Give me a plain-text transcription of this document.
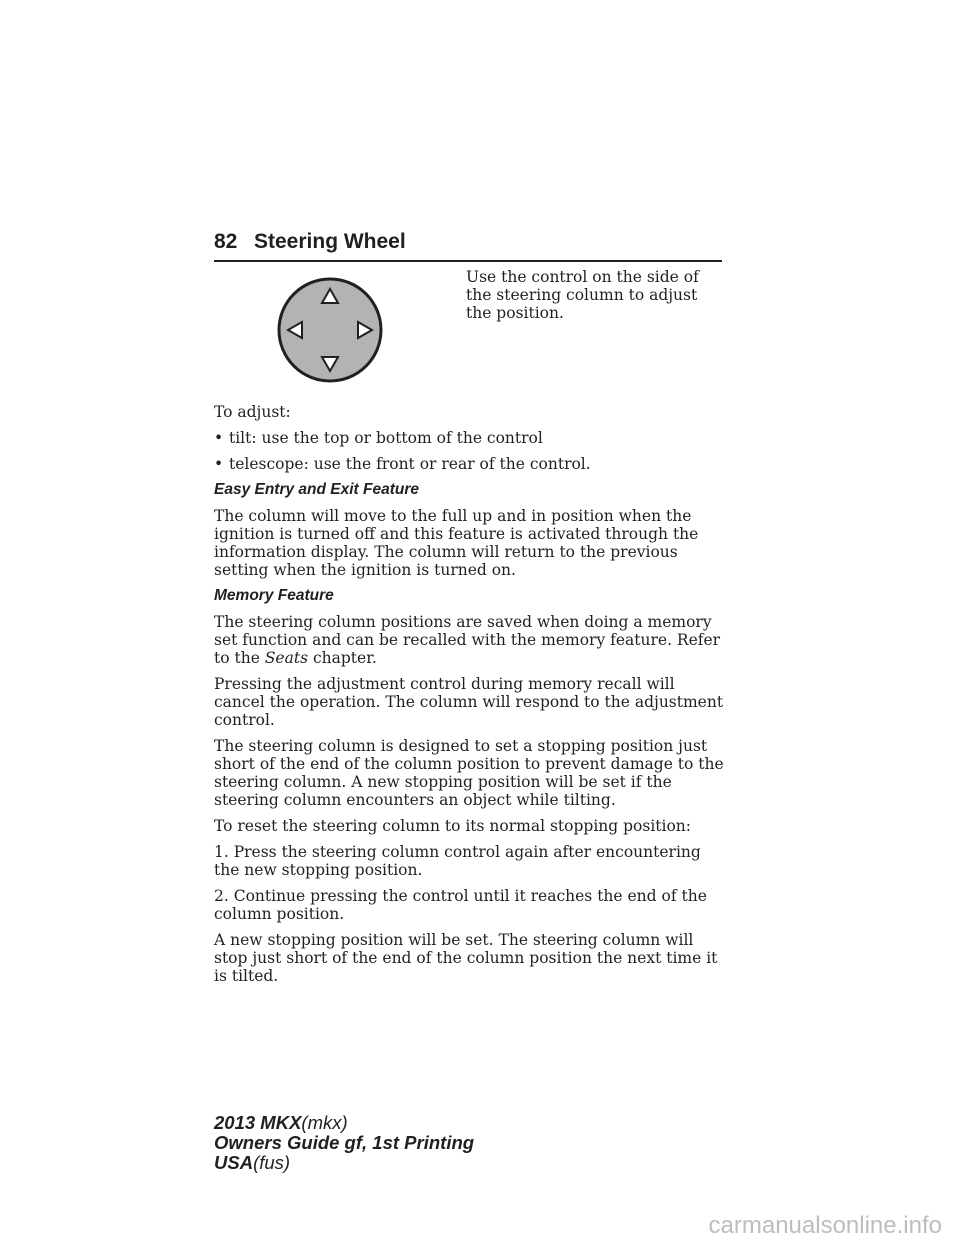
82 Steering Wheel
Use the control on the side of the steering column to adjust the position.

To adjust:

• tilt: use the top or bottom of the control
• telescope: use the front or rear of the control.
Easy Entry and Exit Feature

The column will move to the full up and in position when the ignition is turned off and this feature is activated through the information display. The column will return to the previous setting when the ignition is turned on.

Memory Feature

The steering column positions are saved when doing a memory set function and can be recalled with the memory feature. Refer to the Seats chapter.

Pressing the adjustment control during memory recall will cancel the operation. The column will respond to the adjustment control.

The steering column is designed to set a stopping position just short of the end of the column position to prevent damage to the steering column. A new stopping position will be set if the steering column encounters an object while tilting.

To reset the steering column to its normal stopping position:

1. Press the steering column control again after encountering the new stopping position.

2. Continue pressing the control until it reaches the end of the column position.

A new stopping position will be set. The steering column will stop just short of the end of the column position the next time it is tilted.

2013 MKX(mkx)
Owners Guide gf, 1st Printing
USA(fus)
carmanualsonline.info
